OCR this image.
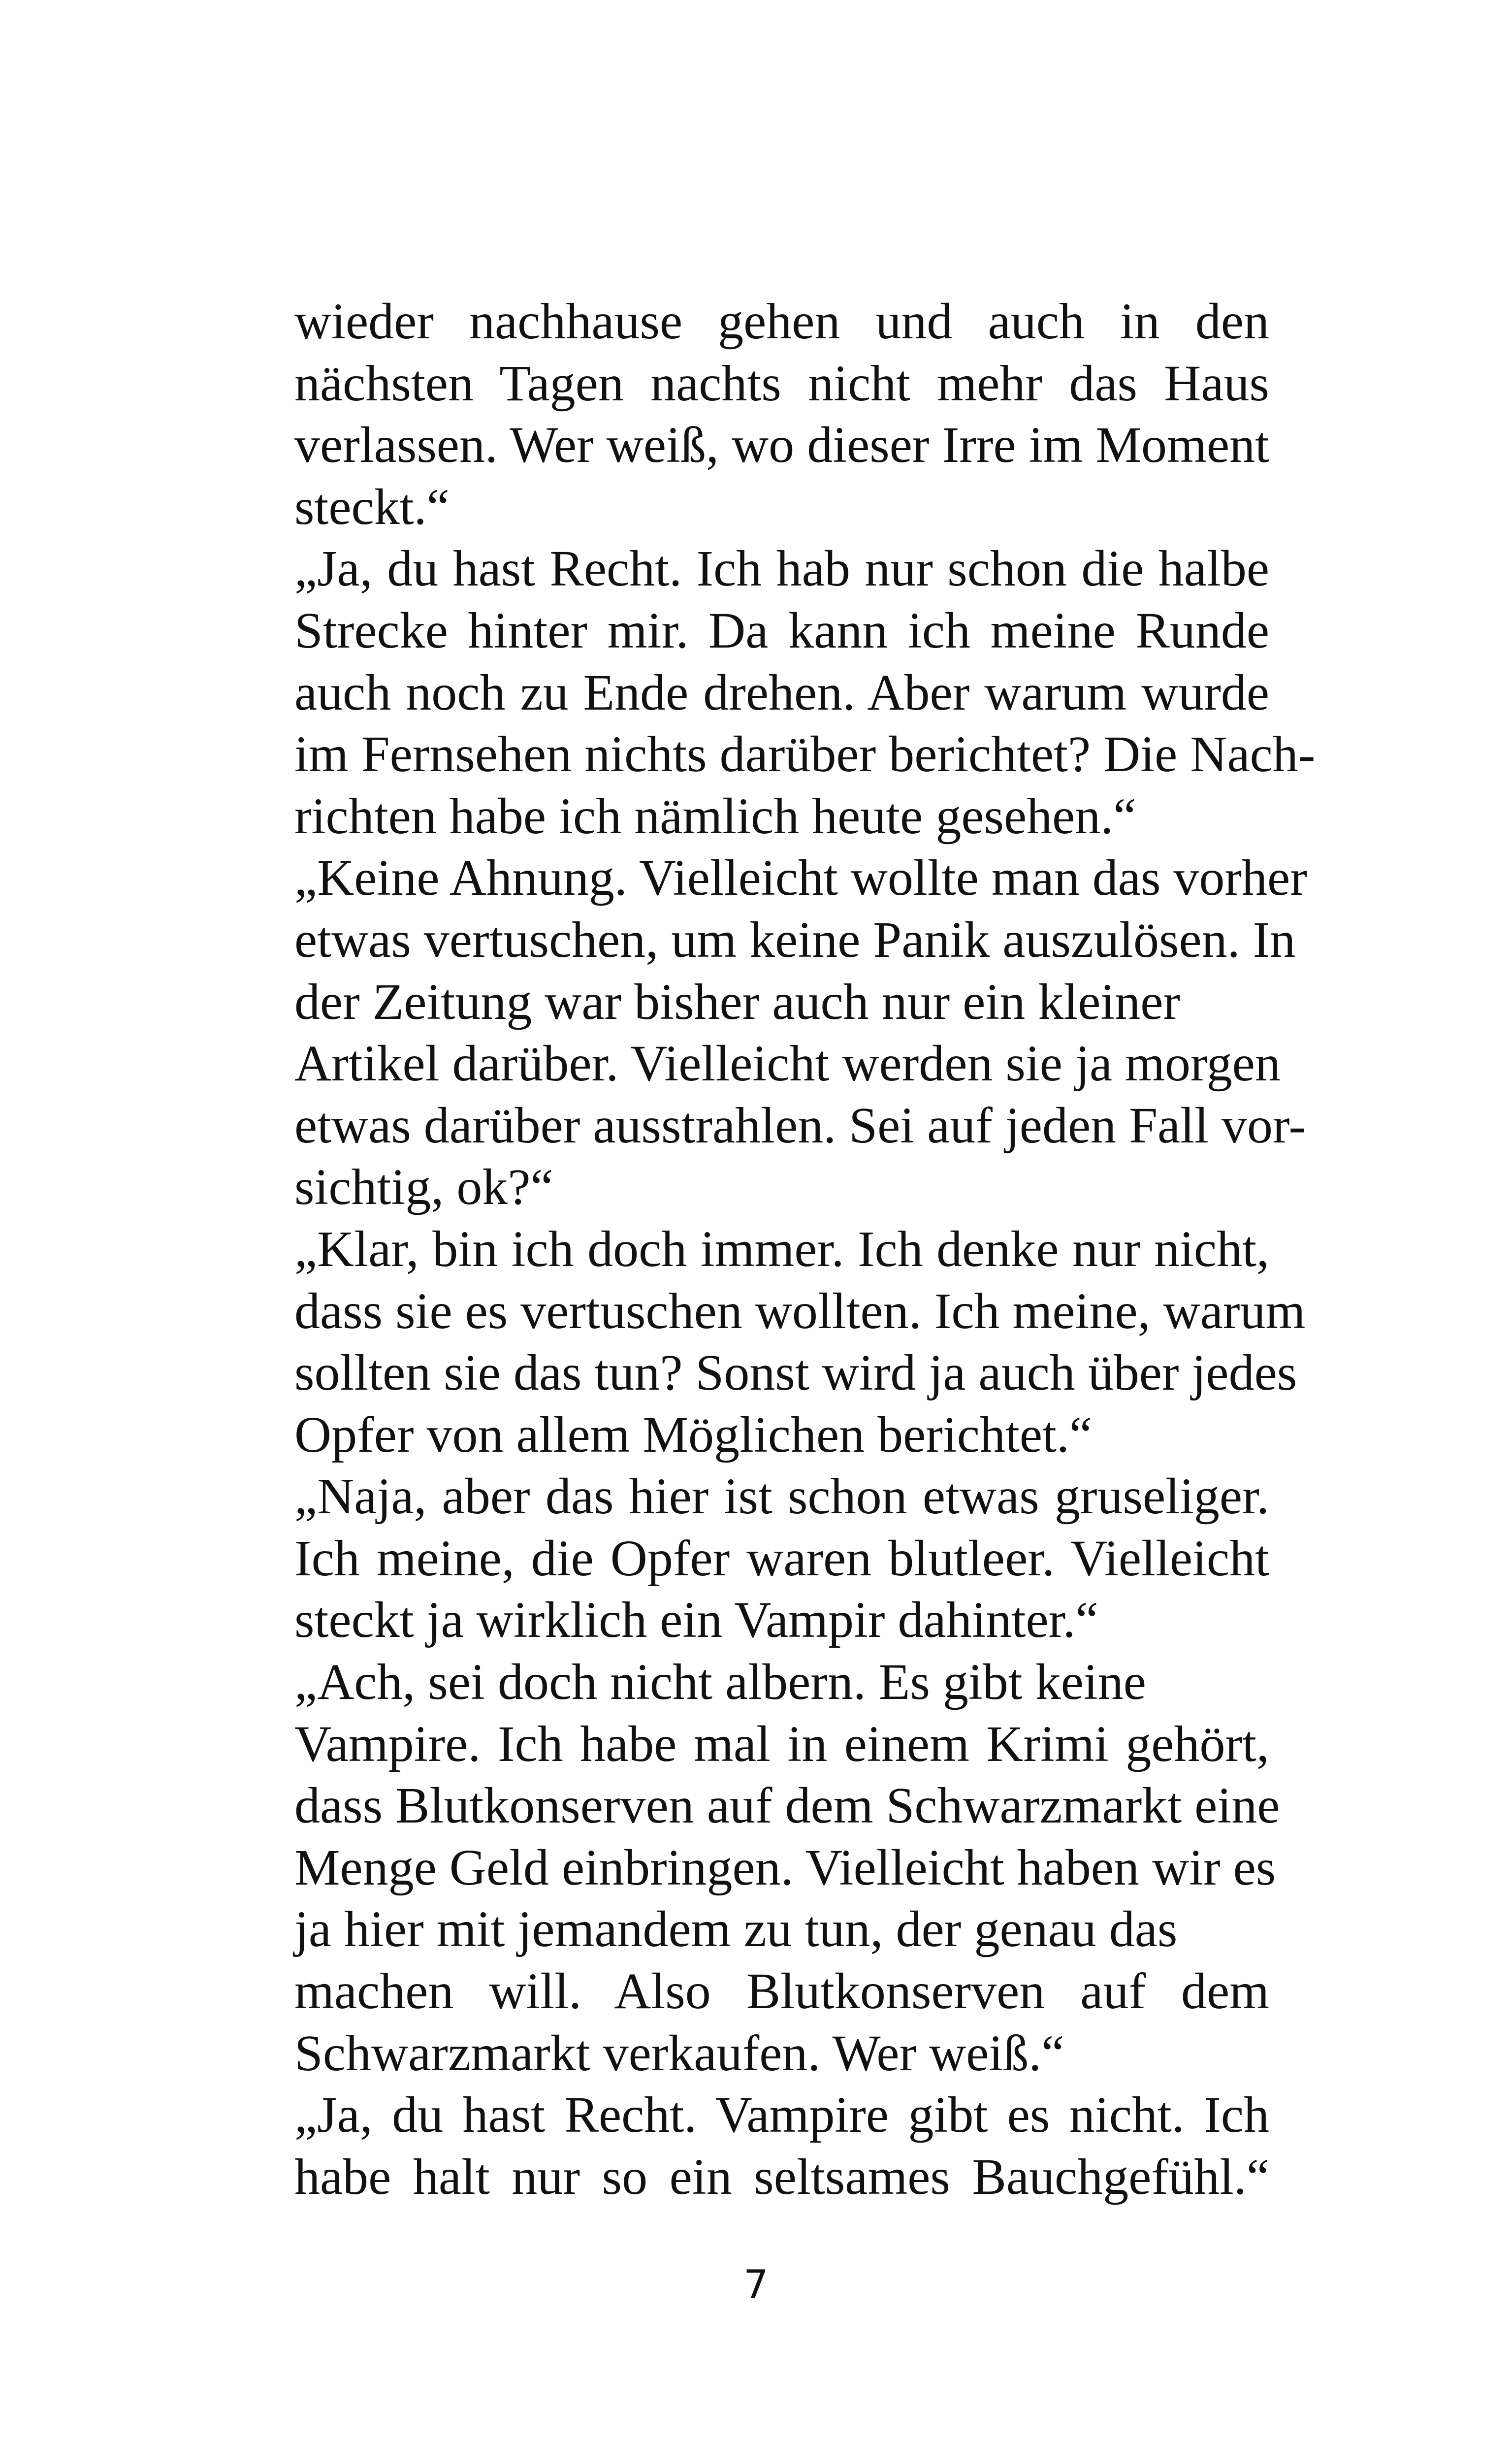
wieder nachhause gehen und auch in den
nächsten Tagen nachts nicht mehr das Haus
verlassen. Wer weiß, wo dieser Irre im Moment
steckt.“
„Ja, du hast Recht. Ich hab nur schon die halbe
Strecke hinter mir. Da kann ich meine Runde
auch noch zu Ende drehen. Aber warum wurde
im Fernsehen nichts darüber berichtet? Die Nach-
richten habe ich nämlich heute gesehen.“
„Keine Ahnung. Vielleicht wollte man das vorher
etwas vertuschen, um keine Panik auszulösen. In
der Zeitung war bisher auch nur ein kleiner
Artikel darüber. Vielleicht werden sie ja morgen
etwas darüber ausstrahlen. Sei auf jeden Fall vor-
sichtig, ok?“
„Klar, bin ich doch immer. Ich denke nur nicht,
dass sie es vertuschen wollten. Ich meine, warum
sollten sie das tun? Sonst wird ja auch über jedes
Opfer von allem Möglichen berichtet.“
„Naja, aber das hier ist schon etwas gruseliger.
Ich meine, die Opfer waren blutleer. Vielleicht
steckt ja wirklich ein Vampir dahinter.“
„Ach, sei doch nicht albern. Es gibt keine
Vampire. Ich habe mal in einem Krimi gehört,
dass Blutkonserven auf dem Schwarzmarkt eine
Menge Geld einbringen. Vielleicht haben wir es
ja hier mit jemandem zu tun, der genau das
machen will. Also Blutkonserven auf dem
Schwarzmarkt verkaufen. Wer weiß.“
„Ja, du hast Recht. Vampire gibt es nicht. Ich
habe halt nur so ein seltsames Bauchgefühl.“
7
